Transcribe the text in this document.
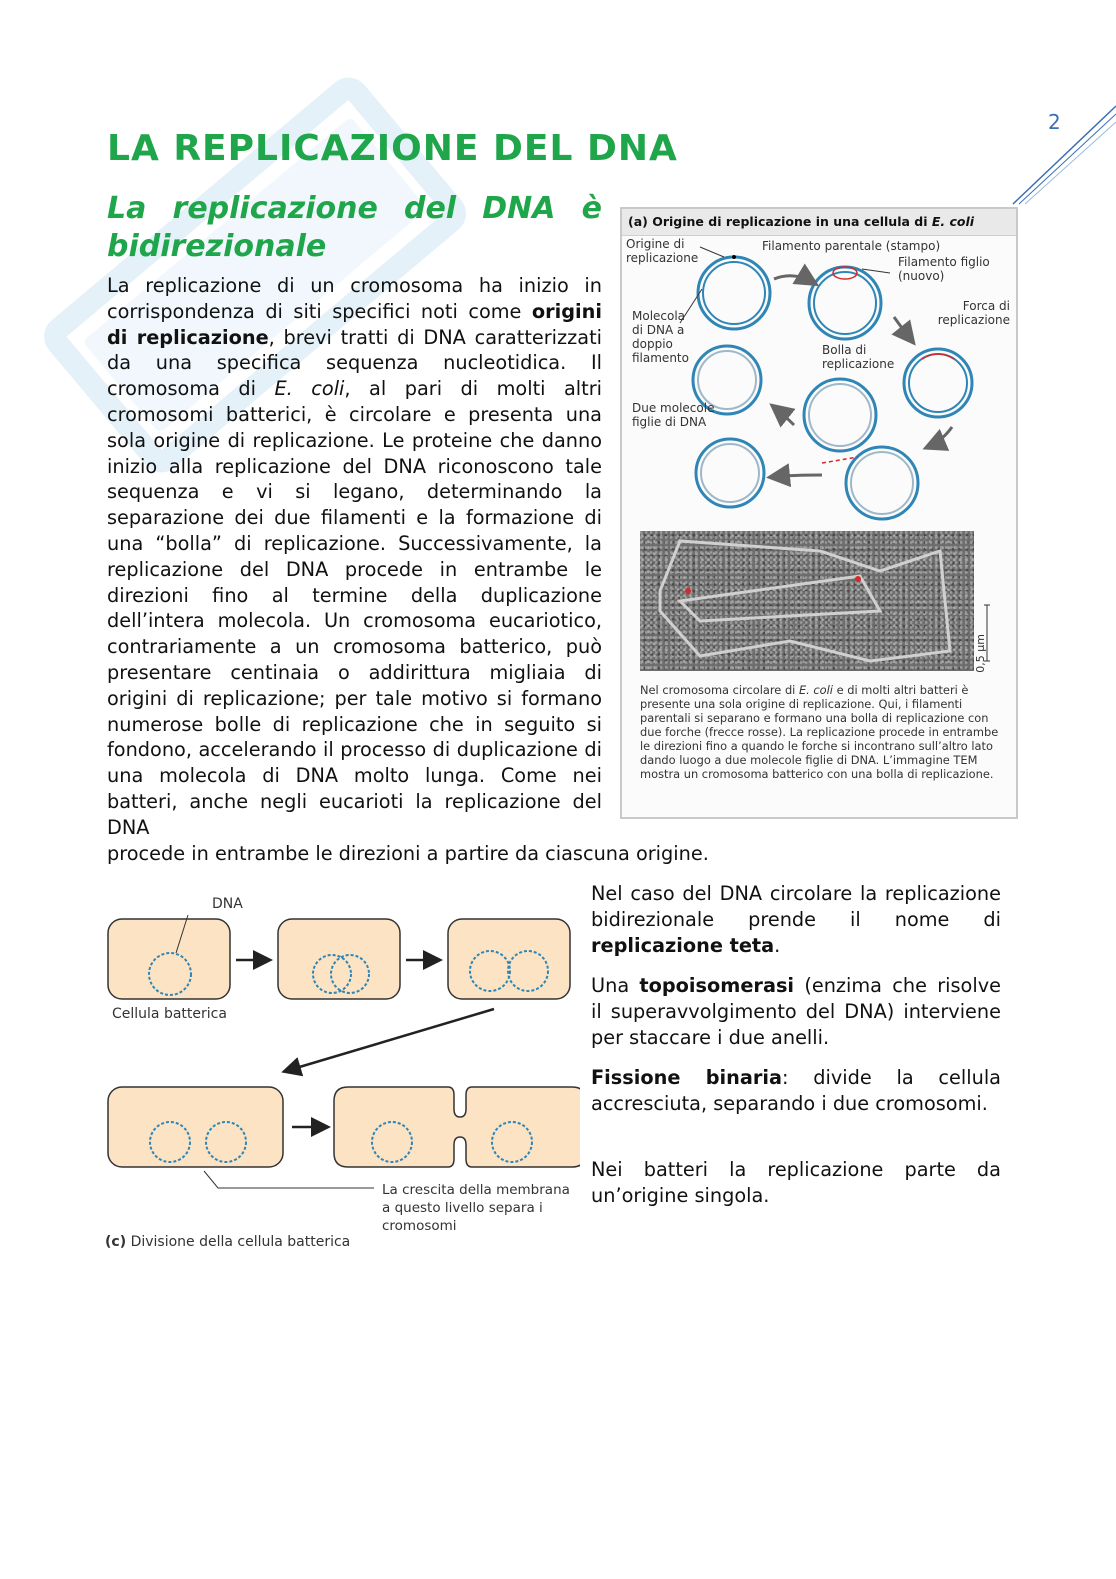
2
LA REPLICAZIONE DEL DNA
La replicazione del DNA è bidirezionale

La replicazione di un cromosoma ha inizio in corrispondenza di siti specifici noti come origini di replicazione, brevi tratti di DNA caratterizzati da una specifica sequenza nucleotidica. Il cromosoma di E. coli, al pari di molti altri cromosomi batterici, è circolare e presenta una sola origine di replicazione. Le proteine che danno inizio alla replicazione del DNA riconoscono tale sequenza e vi si legano, determinando la separazione dei due filamenti e la formazione di una “bolla” di replicazione. Successivamente, la replicazione del DNA procede in entrambe le direzioni fino al termine della duplicazione dell’intera molecola. Un cromosoma eucariotico, contrariamente a un cromosoma batterico, può presentare centinaia o addirittura migliaia di origini di replicazione; per tale motivo si formano numerose bolle di replicazione che in seguito si fondono, accelerando il processo di duplicazione di una molecola di DNA molto lunga. Come nei batteri, anche negli eucarioti la replicazione del DNA

procede in entrambe le direzioni a partire da ciascuna origine.

(a) Origine di replicazione in una cellula di E. coli
Origine di replicazione
Filamento parentale (stampo)
Filamento figlio (nuovo)
Forca di replicazione
Molecola di DNA a doppio filamento
Bolla di replicazione
Due molecole figlie di DNA
0,5 µm

Nel cromosoma circolare di E. coli e di molti altri batteri è presente una sola origine di replicazione. Qui, i filamenti parentali si separano e formano una bolla di replicazione con due forche (frecce rosse). La replicazione procede in entrambe le direzioni fino a quando le forche si incontrano sull’altro lato dando luogo a due molecole figlie di DNA. L’immagine TEM mostra un cromosoma batterico con una bolla di replicazione.

DNA
Cellula batterica
La crescita della membrana a questo livello separa i cromosomi
(c) Divisione della cellula batterica

Nel caso del DNA circolare la replicazione bidirezionale prende il nome di replicazione teta.

Una topoisomerasi (enzima che risolve il superavvolgimento del DNA) interviene per staccare i due anelli.

Fissione binaria: divide la cellula accresciuta, separando i due cromosomi.

Nei batteri la replicazione parte da un’origine singola.
